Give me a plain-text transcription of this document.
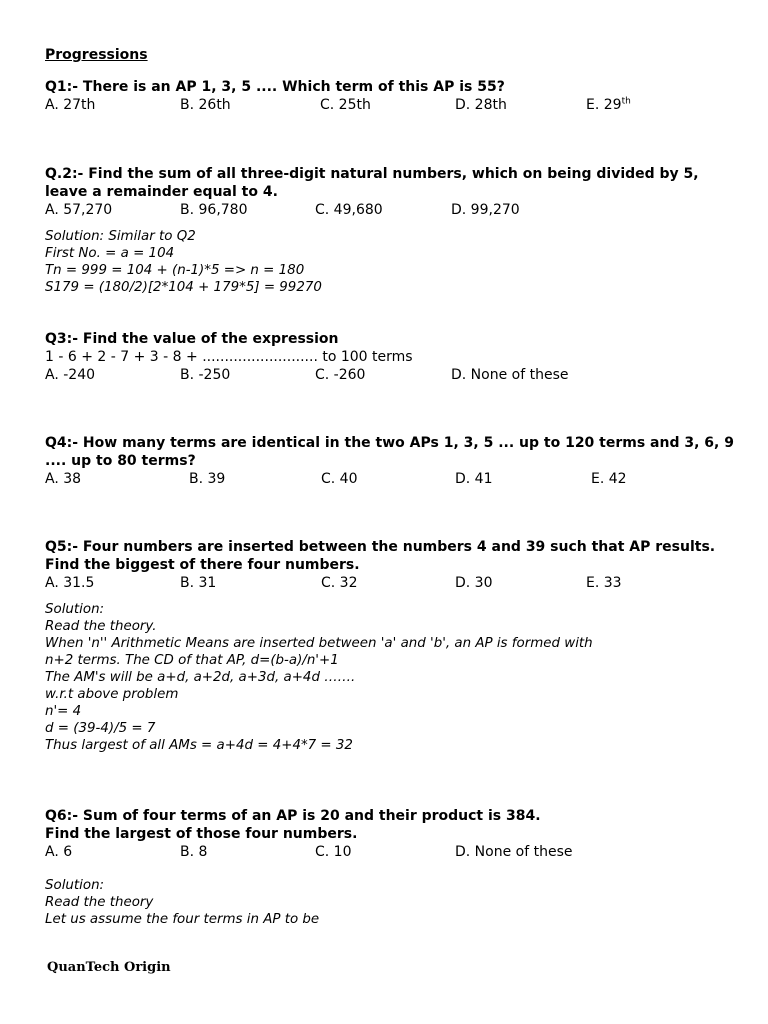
Progressions
Q1:- There is an AP 1, 3, 5 .... Which term of this AP is 55?
A. 27th	B. 26th	C. 25th	D. 28th	E. 29th
Q.2:- Find the sum of all three-digit natural numbers, which on being divided by 5,
leave a remainder equal to 4.
A. 57,270	B. 96,780	C. 49,680	D. 99,270
Solution: Similar to Q2
First No. = a = 104
Tn = 999 = 104 + (n-1)*5 => n = 180
S179 = (180/2)[2*104 + 179*5] = 99270
Q3:- Find the value of the expression
1 - 6 + 2 - 7 + 3 - 8 + .......................... to 100 terms
A. -240	B. -250	C. -260	D. None of these
Q4:- How many terms are identical in the two APs 1, 3, 5 ... up to 120 terms and 3, 6, 9
.... up to 80 terms?
A. 38	B. 39	C. 40	D. 41	E. 42
Q5:- Four numbers are inserted between the numbers 4 and 39 such that AP results.
Find the biggest of there four numbers.
A. 31.5	B. 31	C. 32	D. 30	E. 33
Solution:
Read the theory.
When 'n'' Arithmetic Means are inserted between 'a' and 'b', an AP is formed with
n+2 terms. The CD of that AP, d=(b-a)/n'+1
The AM's will be a+d, a+2d, a+3d, a+4d …….
w.r.t above problem
n'= 4
d = (39-4)/5 = 7
Thus largest of all AMs = a+4d = 4+4*7 = 32
Q6:- Sum of four terms of an AP is 20 and their product is 384.
Find the largest of those four numbers.
A. 6	B. 8	C. 10	D. None of these
Solution:
Read the theory
Let us assume the four terms in AP to be
QuanTech Origin
